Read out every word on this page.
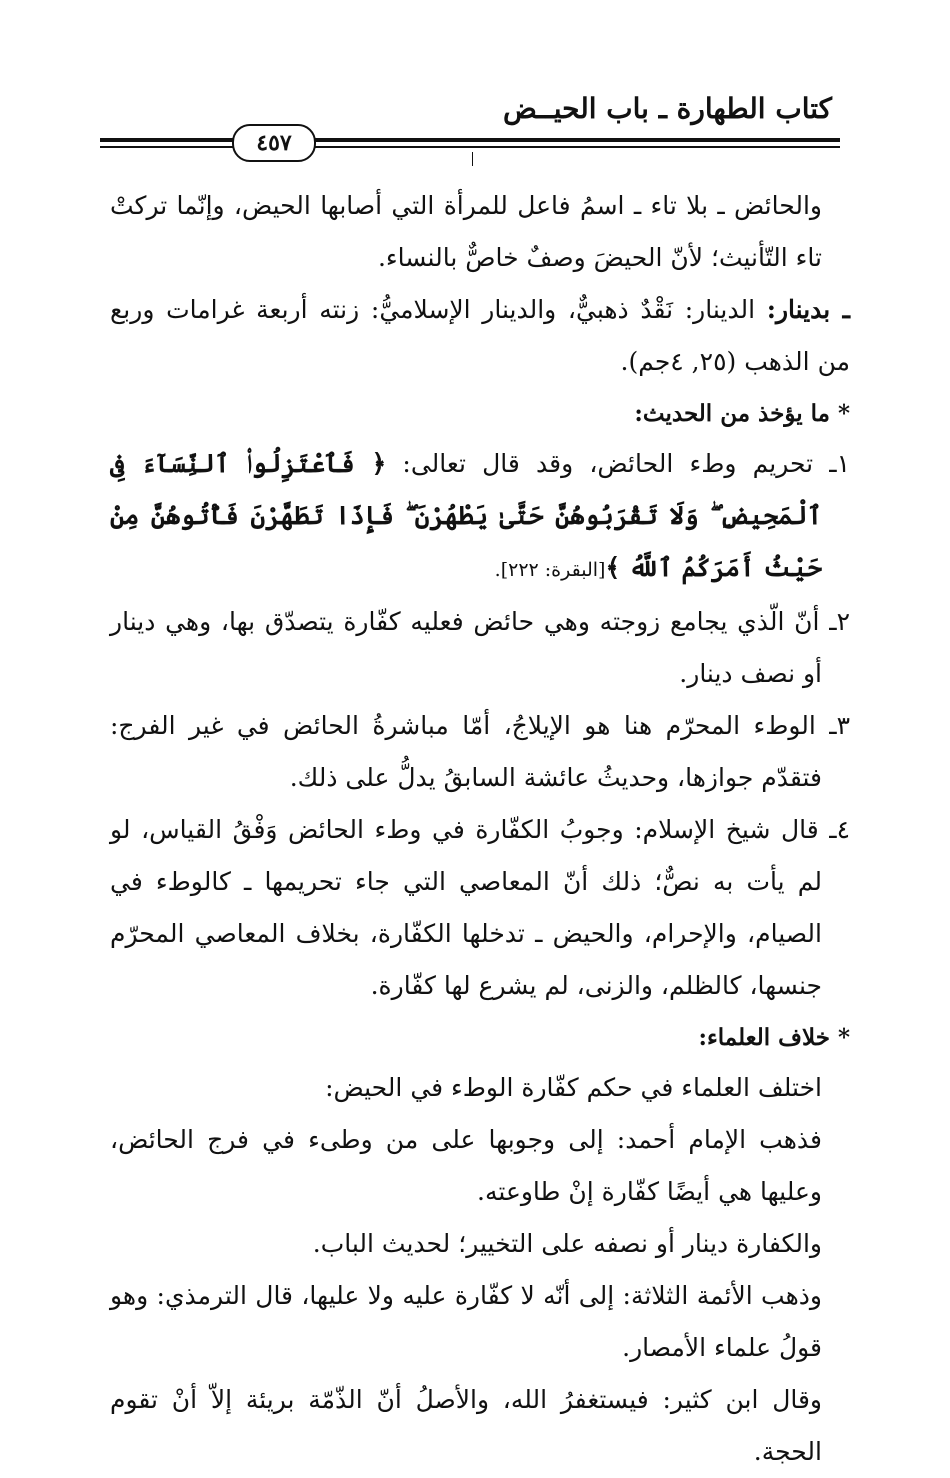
كتاب الطهارة ـ باب الحيــض
٤٥٧

والحائض ـ بلا تاء ـ اسمُ فاعل للمرأة التي أصابها الحيض، وإنّما تركتْ تاء التّأنيث؛ لأنّ الحيضَ وصفٌ خاصٌّ بالنساء.

ـ بدينار: الدينار: نَقْدٌ ذهبيٌّ، والدينار الإسلاميُّ: زنته أربعة غرامات وربع من الذهب (٢٥, ٤جم).

* ما يؤخذ من الحديث:

١ـ تحريم وطء الحائض، وقد قال تعالى: ﴿ فَٱعْتَزِلُوا۟ ٱلنِّسَآءَ فِى ٱلْمَحِيضِ ۖ وَلَا تَقْرَبُوهُنَّ حَتَّىٰ يَطْهُرْنَ ۖ فَإِذَا تَطَهَّرْنَ فَأْتُوهُنَّ مِنْ حَيْثُ أَمَرَكُمُ ٱللَّهُ ﴾[البقرة: ٢٢٢].

٢ـ أنّ الّذي يجامع زوجته وهي حائض فعليه كفّارة يتصدّق بها، وهي دينار أو نصف دينار.

٣ـ الوطء المحرّم هنا هو الإيلاجُ، أمّا مباشرةُ الحائض في غير الفرج: فتقدّم جوازها، وحديثُ عائشة السابقُ يدلُّ على ذلك.

٤ـ قال شيخ الإسلام: وجوبُ الكفّارة في وطء الحائض وَفْقُ القياس، لو لم يأت به نصٌّ؛ ذلك أنّ المعاصي التي جاء تحريمها ـ كالوطء في الصيام، والإحرام، والحيض ـ تدخلها الكفّارة، بخلاف المعاصي المحرّم جنسها، كالظلم، والزنى، لم يشرع لها كفّارة.

* خلاف العلماء:

اختلف العلماء في حكم كفّارة الوطء في الحيض:

فذهب الإمام أحمد: إلى وجوبها على من وطىء في فرج الحائض، وعليها هي أيضًا كفّارة إنْ طاوعته.

والكفارة دينار أو نصفه على التخيير؛ لحديث الباب.

وذهب الأئمة الثلاثة: إلى أنّه لا كفّارة عليه ولا عليها، قال الترمذي: وهو قولُ علماء الأمصار.

وقال ابن كثير: فيستغفرُ الله، والأصلُ أنّ الذّمّة بريئة إلاّ أنْ تقوم الحجة.
